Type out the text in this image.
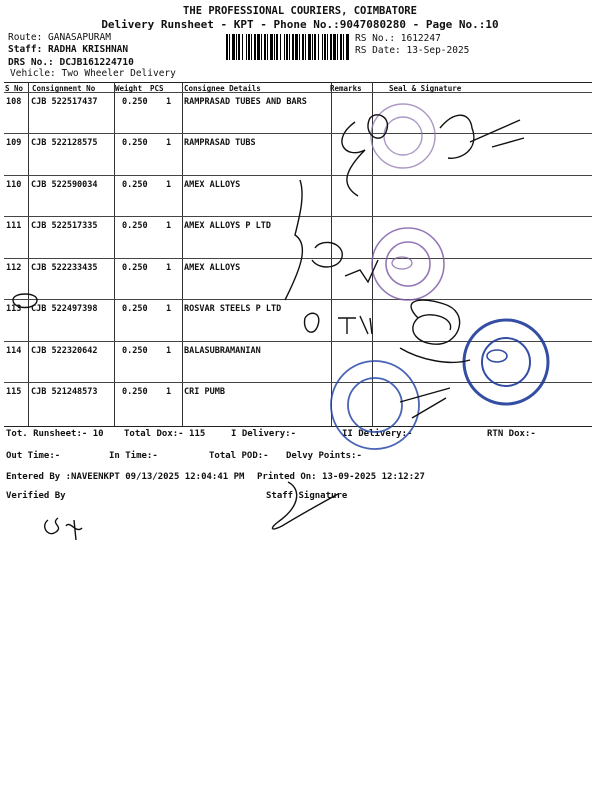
THE PROFESSIONAL COURIERS, COIMBATORE
Delivery Runsheet - KPT - Phone No.:9047080280 - Page No.:10
Route: GANASAPURAM
Staff: RADHA KRISHNAN
DRS No.: DCJB161224710
Vehicle: Two Wheeler Delivery
RS No.: 1612247
RS Date: 13-Sep-2025
S No Consignment No	Weight PCS	Consignee Details	Remarks	Seal & Signature
108 CJB 522517437	0.250 1 RAMPRASAD TUBES AND BARS
109 CJB 522128575	0.250 1 RAMPRASAD TUBS
110 CJB 522590034	0.250 1 AMEX ALLOYS
111 CJB 522517335	0.250 1 AMEX ALLOYS P LTD
112 CJB 522233435	0.250 1 AMEX ALLOYS
113 CJB 522497398	0.250 1 ROSVAR STEELS P LTD
114 CJB 522320642	0.250 1 BALASUBRAMANIAN
115 CJB 521248573	0.250 1 CRI PUMB
Tot. Runsheet:- 10 Total Dox:- 115	I Delivery:-	II Delivery:-	RTN Dox:-
Out Time:-	In Time:-	Total POD:- Delvy Points:-
Entered By :NAVEENKPT 09/13/2025 12:04:41 PM Printed On: 13-09-2025 12:12:27
Verified By	Staff Signature
